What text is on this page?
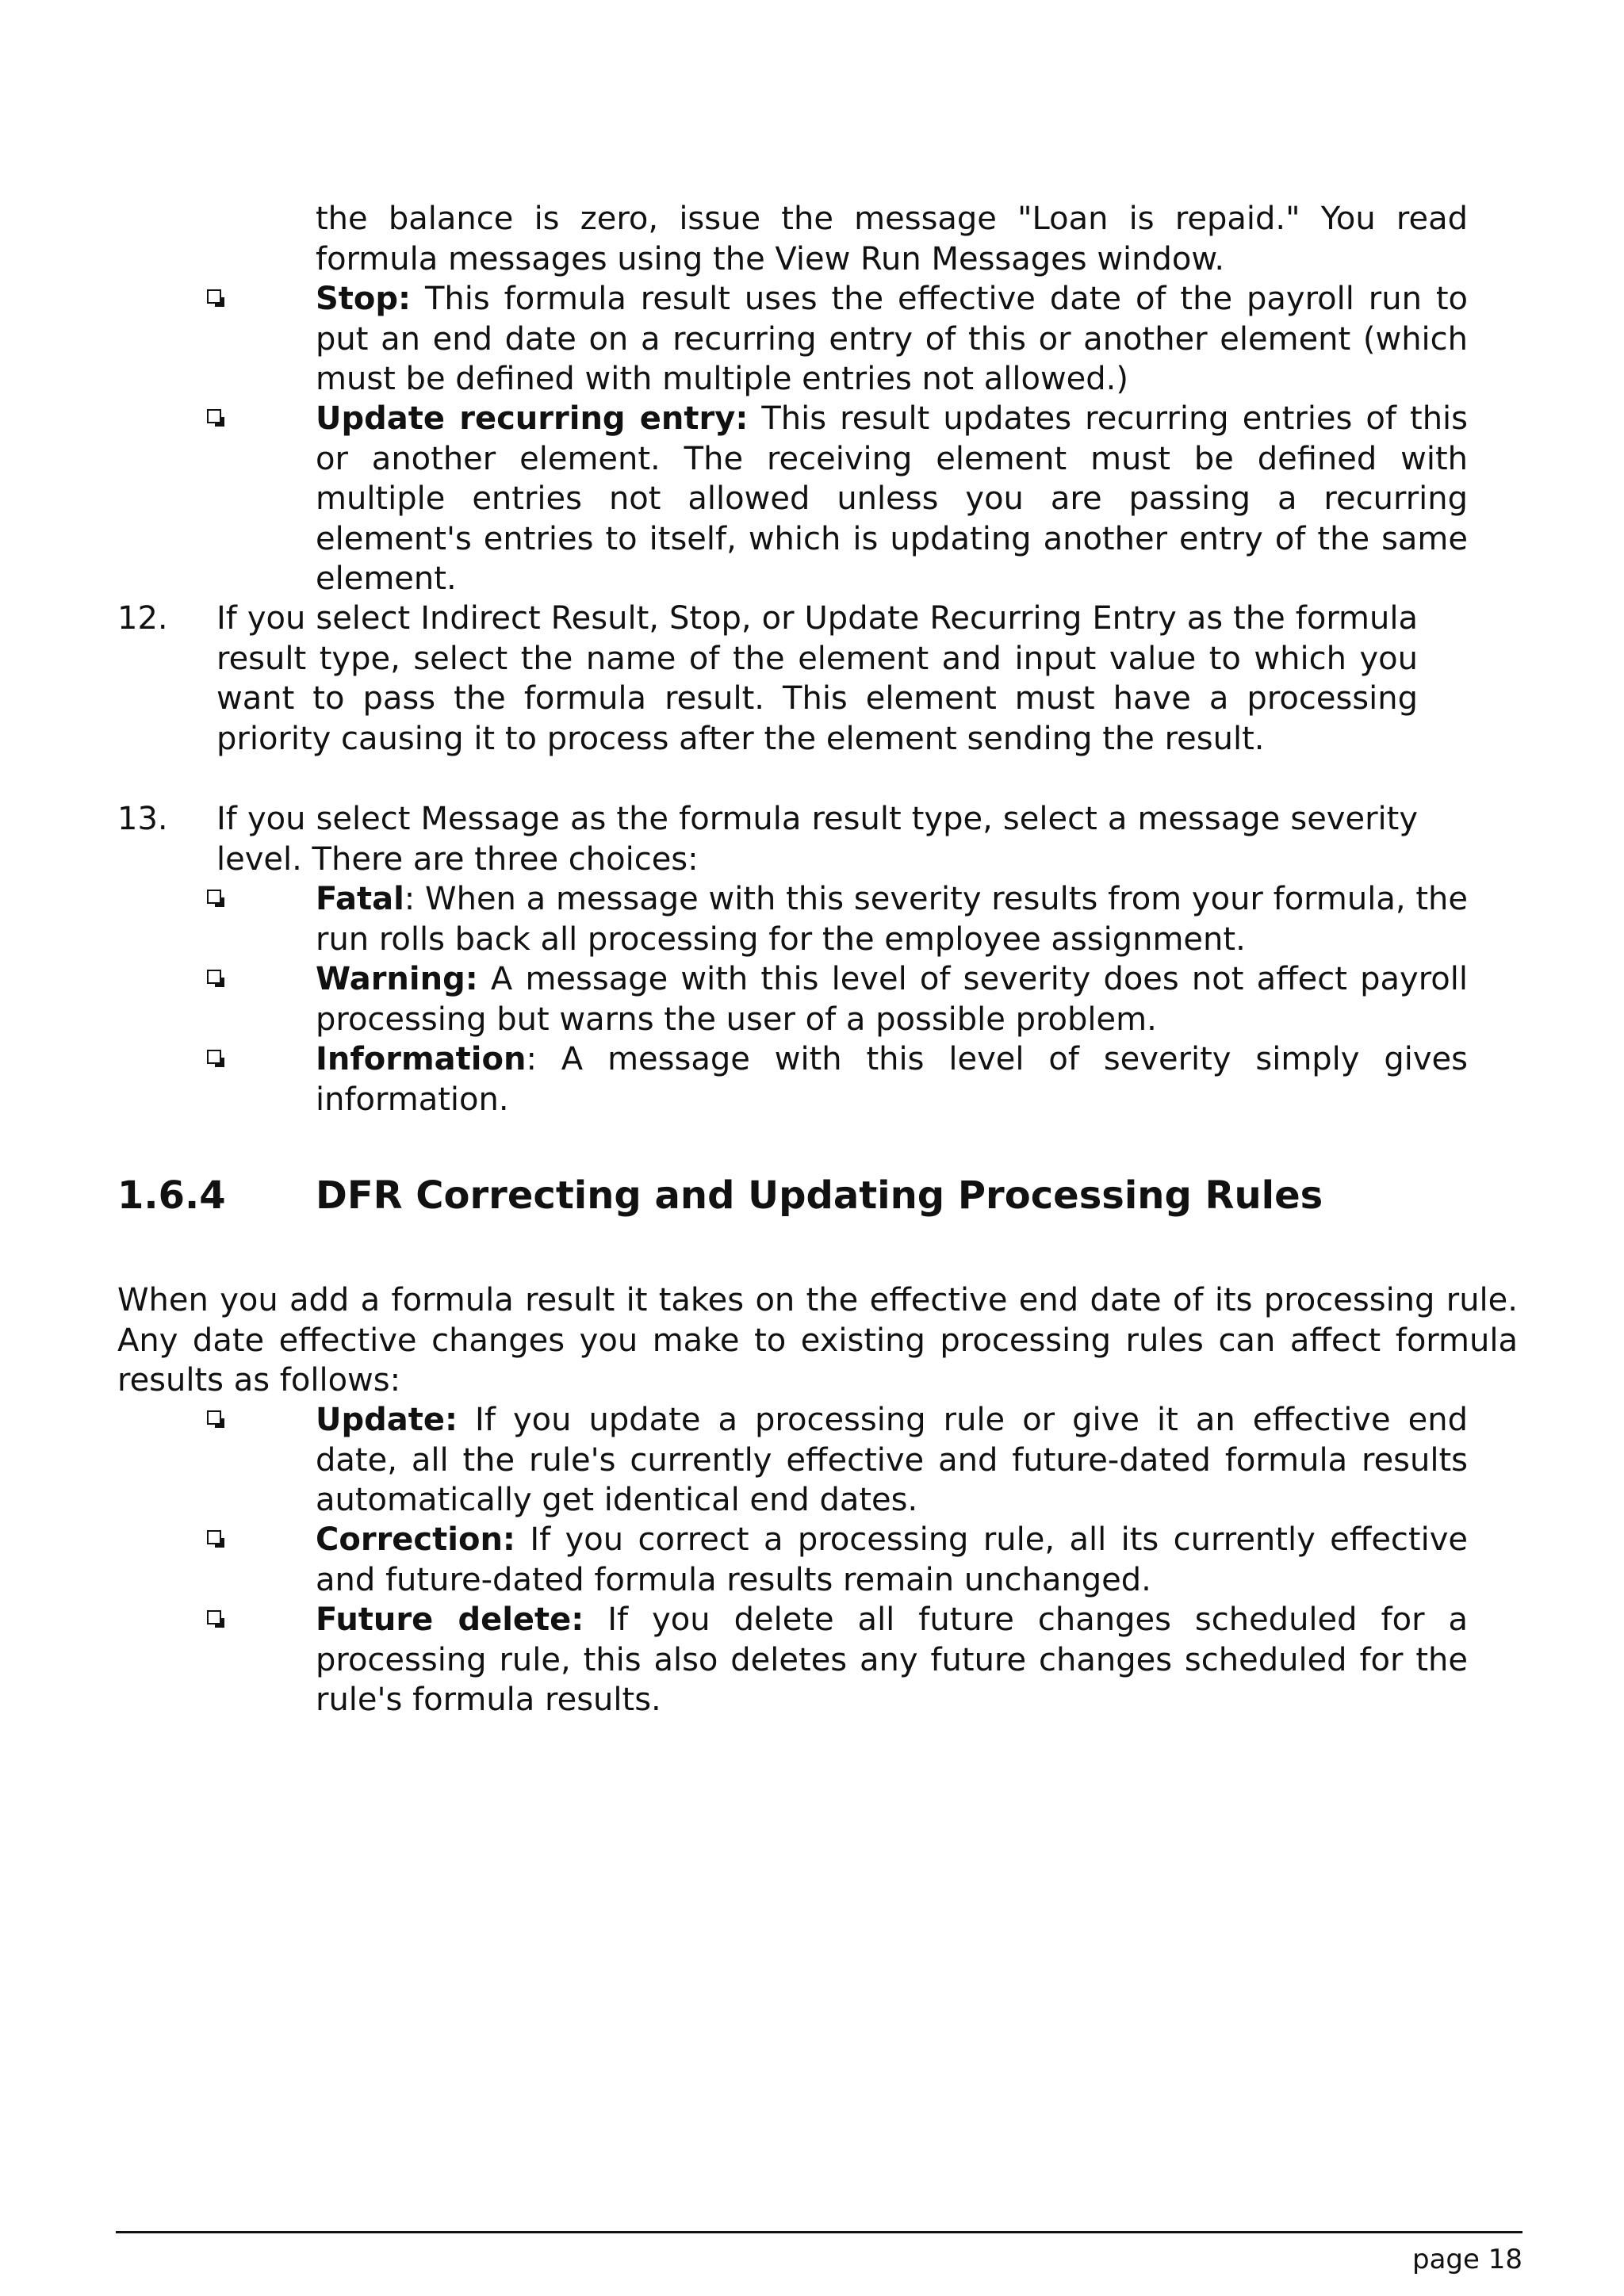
the balance is zero, issue the message "Loan is repaid." You read formula messages using the View Run Messages window.
Stop: This formula result uses the effective date of the payroll run to put an end date on a recurring entry of this or another element (which must be defined with multiple entries not allowed.)
Update recurring entry: This result updates recurring entries of this or another element. The receiving element must be defined with multiple entries not allowed unless you are passing a recurring element's entries to itself, which is updating another entry of the same element.
12. If you select Indirect Result, Stop, or Update Recurring Entry as the formula result type, select the name of the element and input value to which you want to pass the formula result. This element must have a processing priority causing it to process after the element sending the result.
13. If you select Message as the formula result type, select a message severity level. There are three choices:
Fatal: When a message with this severity results from your formula, the run rolls back all processing for the employee assignment.
Warning: A message with this level of severity does not affect payroll processing but warns the user of a possible problem.
Information: A message with this level of severity simply gives information.
1.6.4 DFR Correcting and Updating Processing Rules
When you add a formula result it takes on the effective end date of its processing rule. Any date effective changes you make to existing processing rules can affect formula results as follows:
Update: If you update a processing rule or give it an effective end date, all the rule's currently effective and future-dated formula results automatically get identical end dates.
Correction: If you correct a processing rule, all its currently effective and future-dated formula results remain unchanged.
Future delete: If you delete all future changes scheduled for a processing rule, this also deletes any future changes scheduled for the rule's formula results.
page 18
